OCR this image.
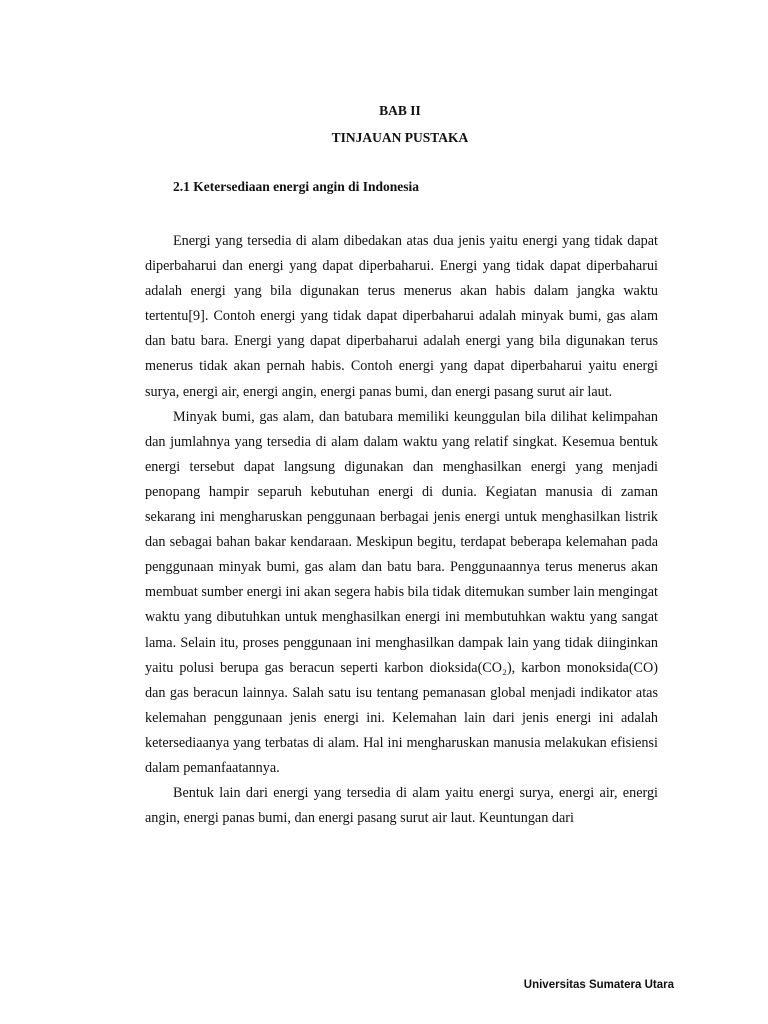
BAB II
TINJAUAN PUSTAKA
2.1 Ketersediaan energi angin di Indonesia

Energi yang tersedia di alam dibedakan atas dua jenis yaitu energi yang tidak dapat diperbaharui dan energi yang dapat diperbaharui. Energi yang tidak dapat diperbaharui adalah energi yang bila digunakan terus menerus akan habis dalam jangka waktu tertentu[9]. Contoh energi yang tidak dapat diperbaharui adalah minyak bumi, gas alam dan batu bara. Energi yang dapat diperbaharui adalah energi yang bila digunakan terus menerus tidak akan pernah habis. Contoh energi yang dapat diperbaharui yaitu energi surya, energi air, energi angin, energi panas bumi, dan energi pasang surut air laut.

Minyak bumi, gas alam, dan batubara memiliki keunggulan bila dilihat kelimpahan dan jumlahnya yang tersedia di alam dalam waktu yang relatif singkat. Kesemua bentuk energi tersebut dapat langsung digunakan dan menghasilkan energi yang menjadi penopang hampir separuh kebutuhan energi di dunia. Kegiatan manusia di zaman sekarang ini mengharuskan penggunaan berbagai jenis energi untuk menghasilkan listrik dan sebagai bahan bakar kendaraan. Meskipun begitu, terdapat beberapa kelemahan pada penggunaan minyak bumi, gas alam dan batu bara. Penggunaannya terus menerus akan membuat sumber energi ini akan segera habis bila tidak ditemukan sumber lain mengingat waktu yang dibutuhkan untuk menghasilkan energi ini membutuhkan waktu yang sangat lama. Selain itu, proses penggunaan ini menghasilkan dampak lain yang tidak diinginkan yaitu polusi berupa gas beracun seperti karbon dioksida(CO₂), karbon monoksida(CO) dan gas beracun lainnya. Salah satu isu tentang pemanasan global menjadi indikator atas kelemahan penggunaan jenis energi ini. Kelemahan lain dari jenis energi ini adalah ketersediaanya yang terbatas di alam. Hal ini mengharuskan manusia melakukan efisiensi dalam pemanfaatannya.

Bentuk lain dari energi yang tersedia di alam yaitu energi surya, energi air, energi angin, energi panas bumi, dan energi pasang surut air laut. Keuntungan dari

Universitas Sumatera Utara
